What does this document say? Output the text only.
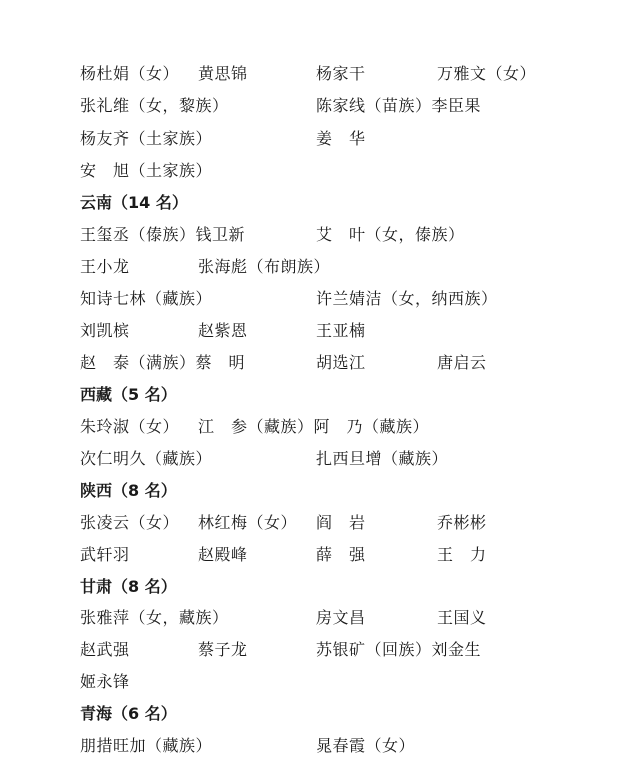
杨杜娟（女） 黄思锦	杨家干	万雅文（女）
张礼维（女，黎族）	陈家线（苗族）李臣果
杨友齐（土家族）	姜　华
安　旭（土家族）
云南（14 名）
王玺丞（傣族）钱卫新	艾　叶（女，傣族）
王小龙	张海彪（布朗族）
知诗七林（藏族）	许兰婧洁（女，纳西族）
刘凯槟	赵紫恩	王亚楠
赵　泰（满族）蔡　明	胡选江	唐启云
西藏（5 名）
朱玲淑（女） 江　参（藏族）阿　乃（藏族）
次仁明久（藏族）	扎西旦增（藏族）
陕西（8 名）
张凌云（女） 林红梅（女） 阎　岩	乔彬彬
武轩羽	赵殿峰	薛　强	王　力
甘肃（8 名）
张雅萍（女，藏族）	房文昌	王国义
赵武强	蔡子龙	苏银矿（回族）刘金生
姬永锋
青海（6 名）
朋措旺加（藏族）	晁春霞（女）
